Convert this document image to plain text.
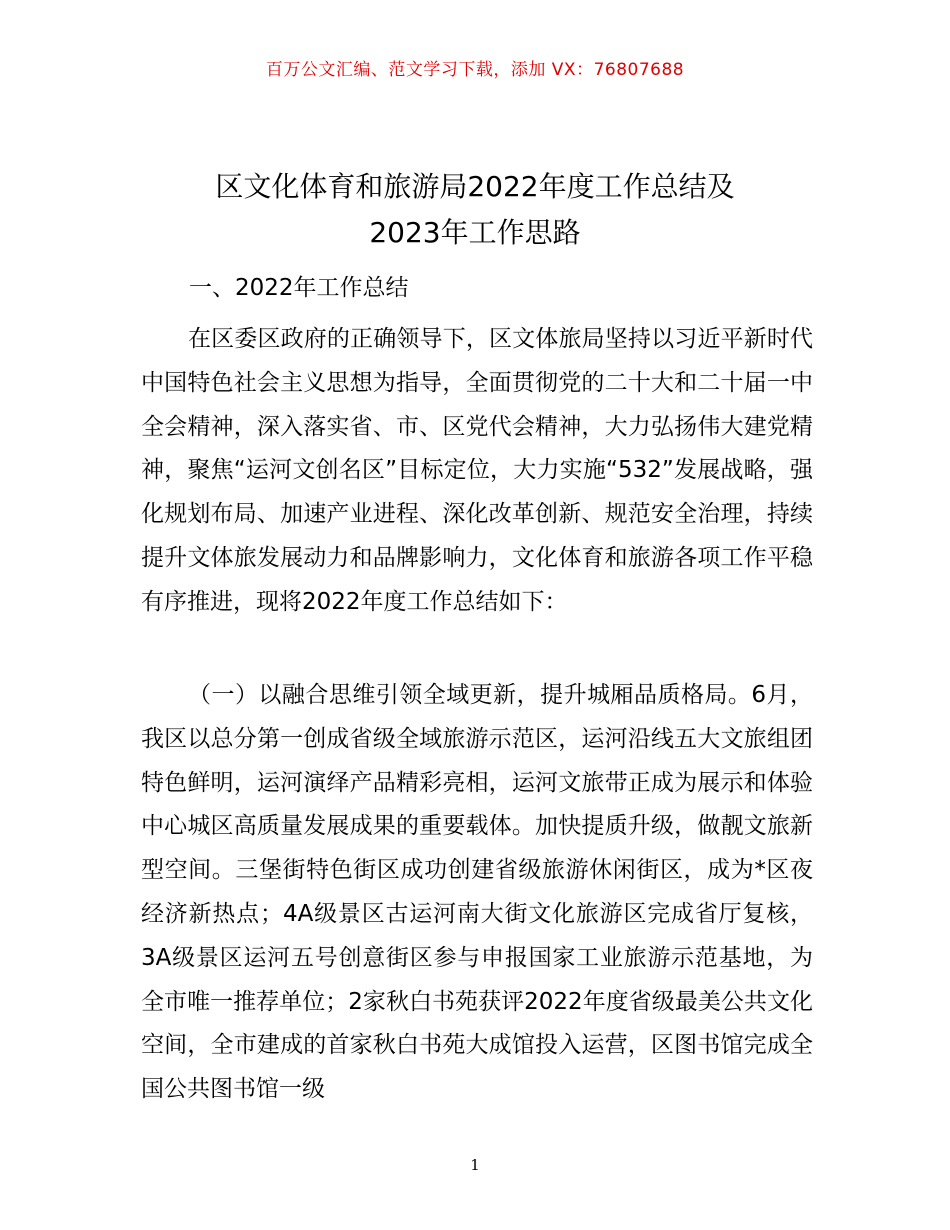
百万公文汇编、范文学习下载，添加 VX：76807688
区文化体育和旅游局2022年度工作总结及
2023年工作思路
一、2022年工作总结

在区委区政府的正确领导下，区文体旅局坚持以习近平新时代中国特色社会主义思想为指导，全面贯彻党的二十大和二十届一中全会精神，深入落实省、市、区党代会精神，大力弘扬伟大建党精神，聚焦“运河文创名区”目标定位，大力实施“532”发展战略，强化规划布局、加速产业进程、深化改革创新、规范安全治理，持续提升文体旅发展动力和品牌影响力，文化体育和旅游各项工作平稳有序推进，现将2022年度工作总结如下：

（一）以融合思维引领全域更新，提升城厢品质格局。6月，我区以总分第一创成省级全域旅游示范区，运河沿线五大文旅组团特色鲜明，运河演绎产品精彩亮相，运河文旅带正成为展示和体验中心城区高质量发展成果的重要载体。加快提质升级，做靓文旅新型空间。三堡街特色街区成功创建省级旅游休闲街区，成为*区夜经济新热点；4A级景区古运河南大街文化旅游区完成省厅复核，3A级景区运河五号创意街区参与申报国家工业旅游示范基地，为全市唯一推荐单位；2家秋白书苑获评2022年度省级最美公共文化空间，全市建成的首家秋白书苑大成馆投入运营，区图书馆完成全国公共图书馆一级

1
